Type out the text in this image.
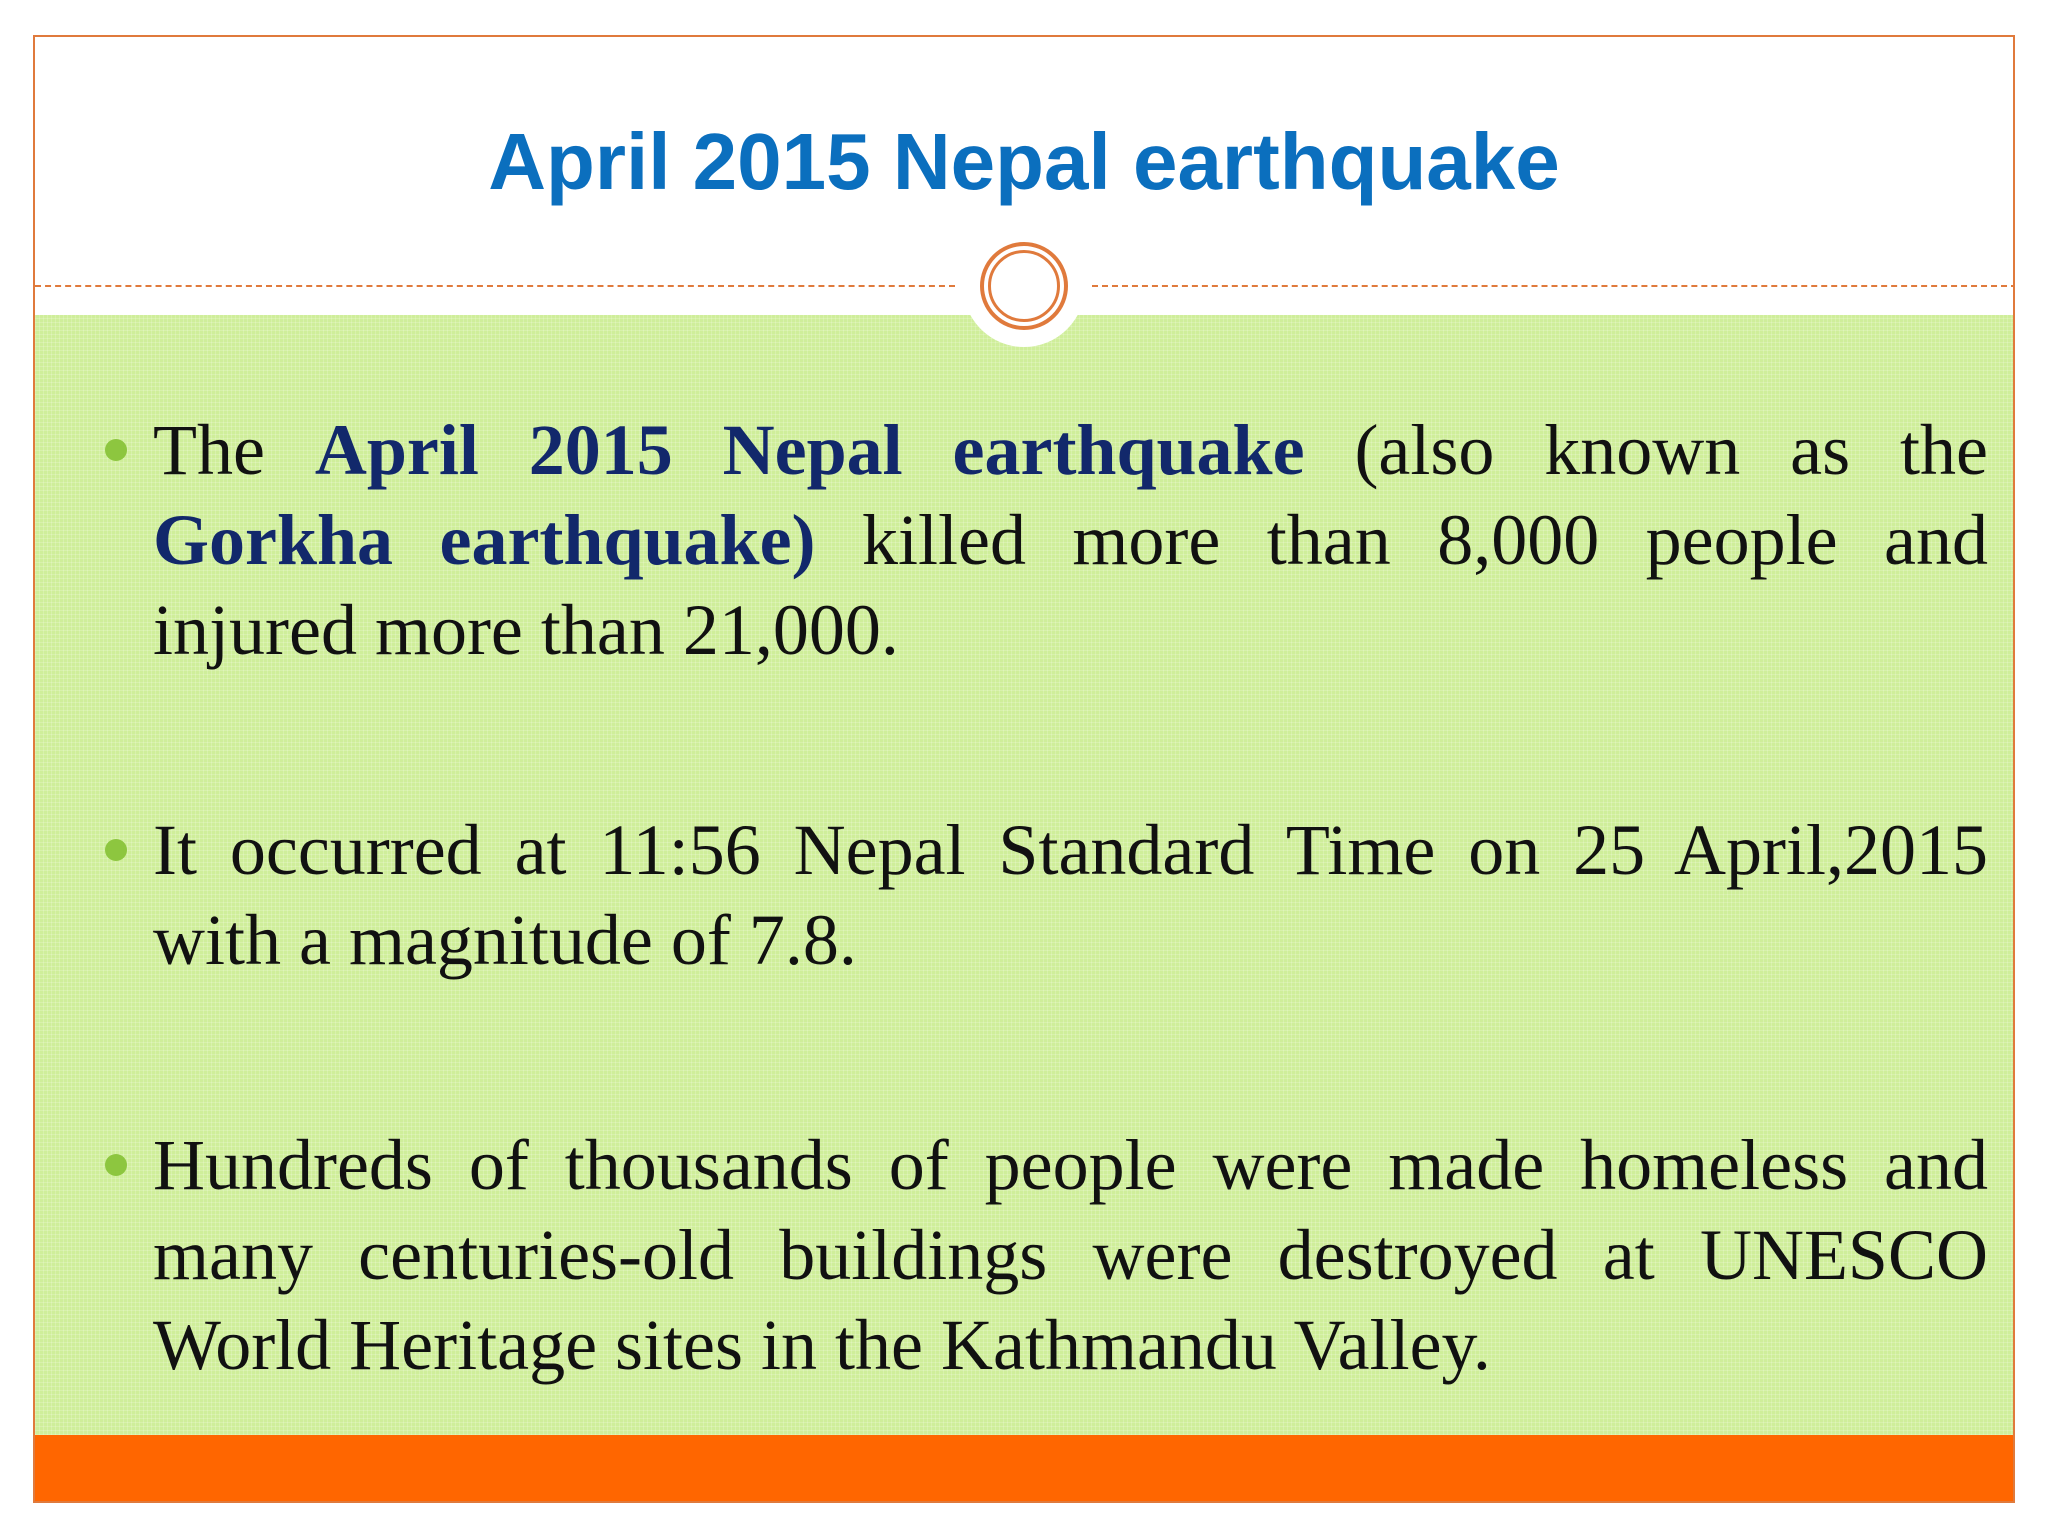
April 2015 Nepal earthquake
The April 2015 Nepal earthquake (also known as the Gorkha earthquake) killed more than 8,000 people and injured more than 21,000.
It occurred at 11:56 Nepal Standard Time on 25 April,2015 with a magnitude of 7.8.
Hundreds of thousands of people were made homeless and many centuries-old buildings were destroyed at UNESCO World Heritage sites in the Kathmandu Valley.
